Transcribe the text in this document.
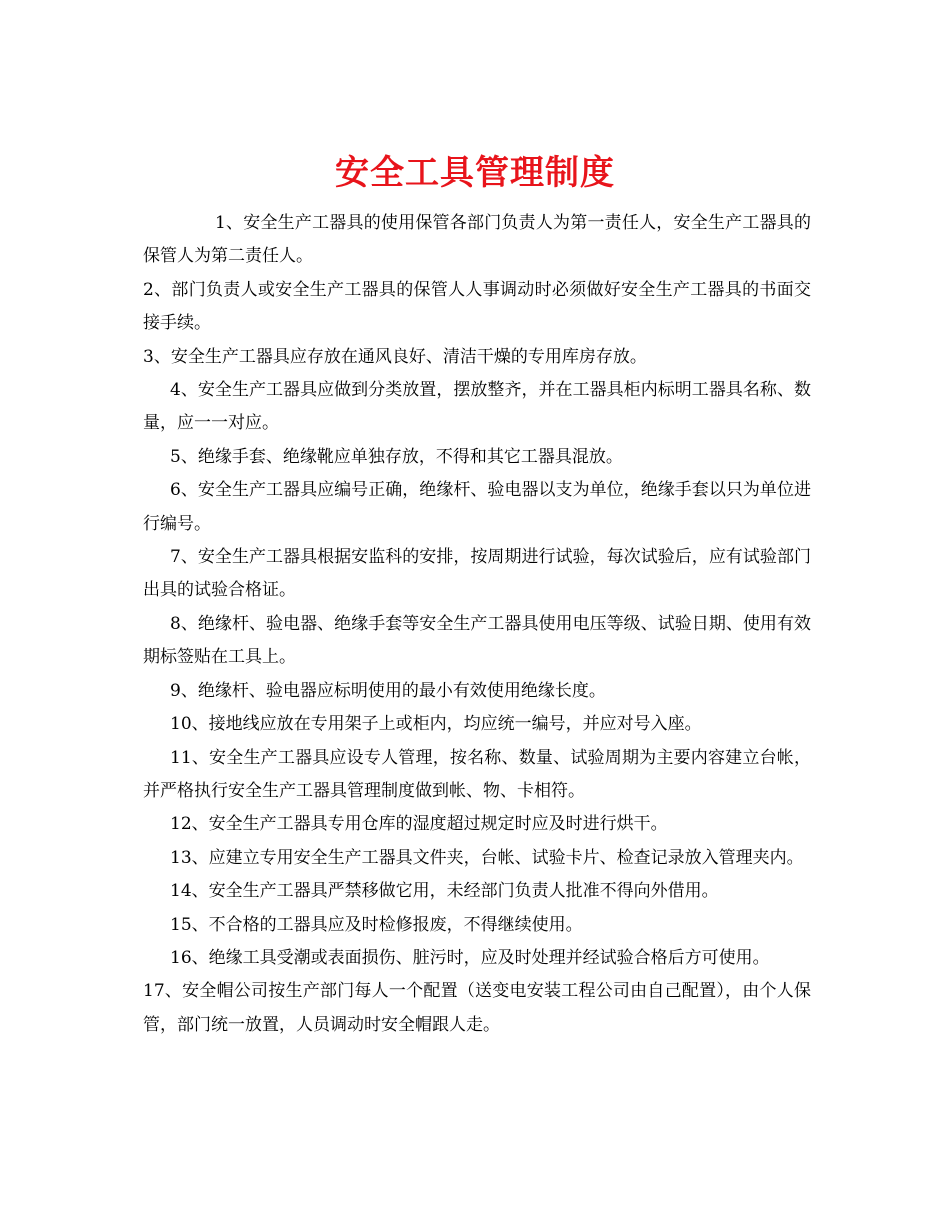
安全工具管理制度

1、安全生产工器具的使用保管各部门负责人为第一责任人，安全生产工器具的保管人为第二责任人。

2、部门负责人或安全生产工器具的保管人人事调动时必须做好安全生产工器具的书面交接手续。

3、安全生产工器具应存放在通风良好、清洁干燥的专用库房存放。

4、安全生产工器具应做到分类放置，摆放整齐，并在工器具柜内标明工器具名称、数量，应一一对应。

5、绝缘手套、绝缘靴应单独存放，不得和其它工器具混放。

6、安全生产工器具应编号正确，绝缘杆、验电器以支为单位，绝缘手套以只为单位进行编号。

7、安全生产工器具根据安监科的安排，按周期进行试验，每次试验后，应有试验部门出具的试验合格证。

8、绝缘杆、验电器、绝缘手套等安全生产工器具使用电压等级、试验日期、使用有效期标签贴在工具上。

9、绝缘杆、验电器应标明使用的最小有效使用绝缘长度。

10、接地线应放在专用架子上或柜内，均应统一编号，并应对号入座。

11、安全生产工器具应设专人管理，按名称、数量、试验周期为主要内容建立台帐，并严格执行安全生产工器具管理制度做到帐、物、卡相符。

12、安全生产工器具专用仓库的湿度超过规定时应及时进行烘干。

13、应建立专用安全生产工器具文件夹，台帐、试验卡片、检查记录放入管理夹内。

14、安全生产工器具严禁移做它用，未经部门负责人批准不得向外借用。

15、不合格的工器具应及时检修报废，不得继续使用。

16、绝缘工具受潮或表面损伤、脏污时，应及时处理并经试验合格后方可使用。

17、安全帽公司按生产部门每人一个配置（送变电安装工程公司由自己配置），由个人保管，部门统一放置，人员调动时安全帽跟人走。
